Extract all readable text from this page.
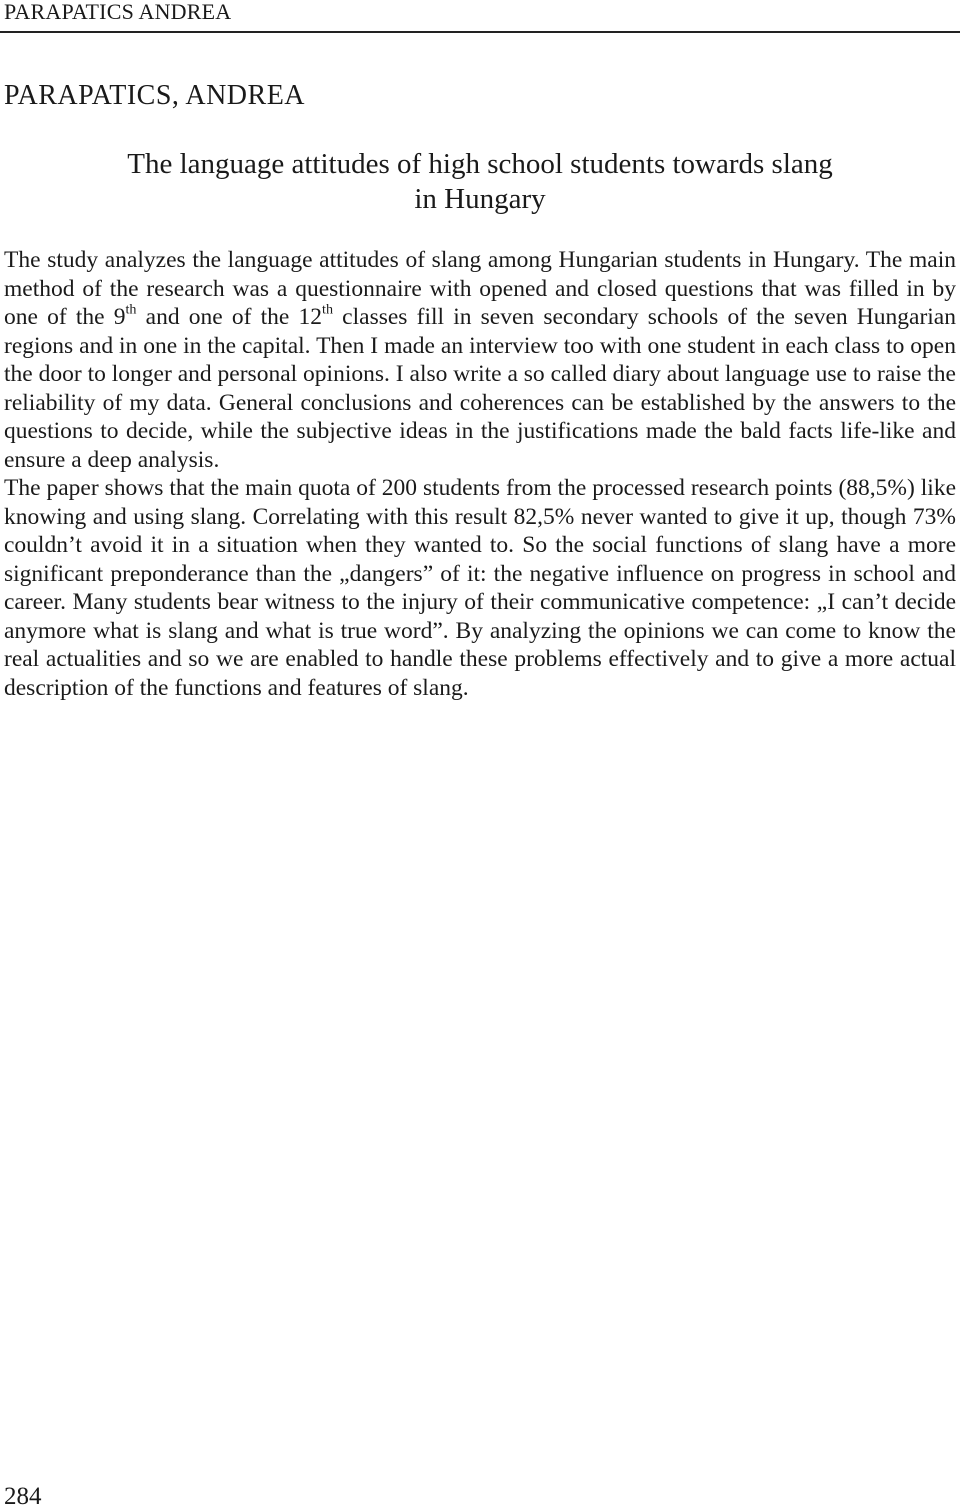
PARAPATICS ANDREA
PARAPATICS, ANDREA
The language attitudes of high school students towards slang
in Hungary

The study analyzes the language attitudes of slang among Hungarian students in Hungary. The main method of the research was a questionnaire with opened and closed questions that was filled in by one of the 9th and one of the 12th classes fill in seven secondary schools of the seven Hungarian regions and in one in the capital. Then I made an interview too with one student in each class to open the door to longer and personal opinions. I also write a so called diary about language use to raise the reliability of my data. General conclusions and coherences can be established by the answers to the questions to decide, while the subjective ideas in the justifications made the bald facts life-like and ensure a deep analysis.

The paper shows that the main quota of 200 students from the processed research points (88,5%) like knowing and using slang. Correlating with this result 82,5% never wanted to give it up, though 73% couldn’t avoid it in a situation when they wanted to. So the social functions of slang have a more significant preponderance than the „dangers” of it: the negative influence on progress in school and career. Many students bear witness to the injury of their communicative competence: „I can’t decide anymore what is slang and what is true word”. By analyzing the opinions we can come to know the real actualities and so we are enabled to handle these problems effectively and to give a more actual description of the functions and features of slang.

284
